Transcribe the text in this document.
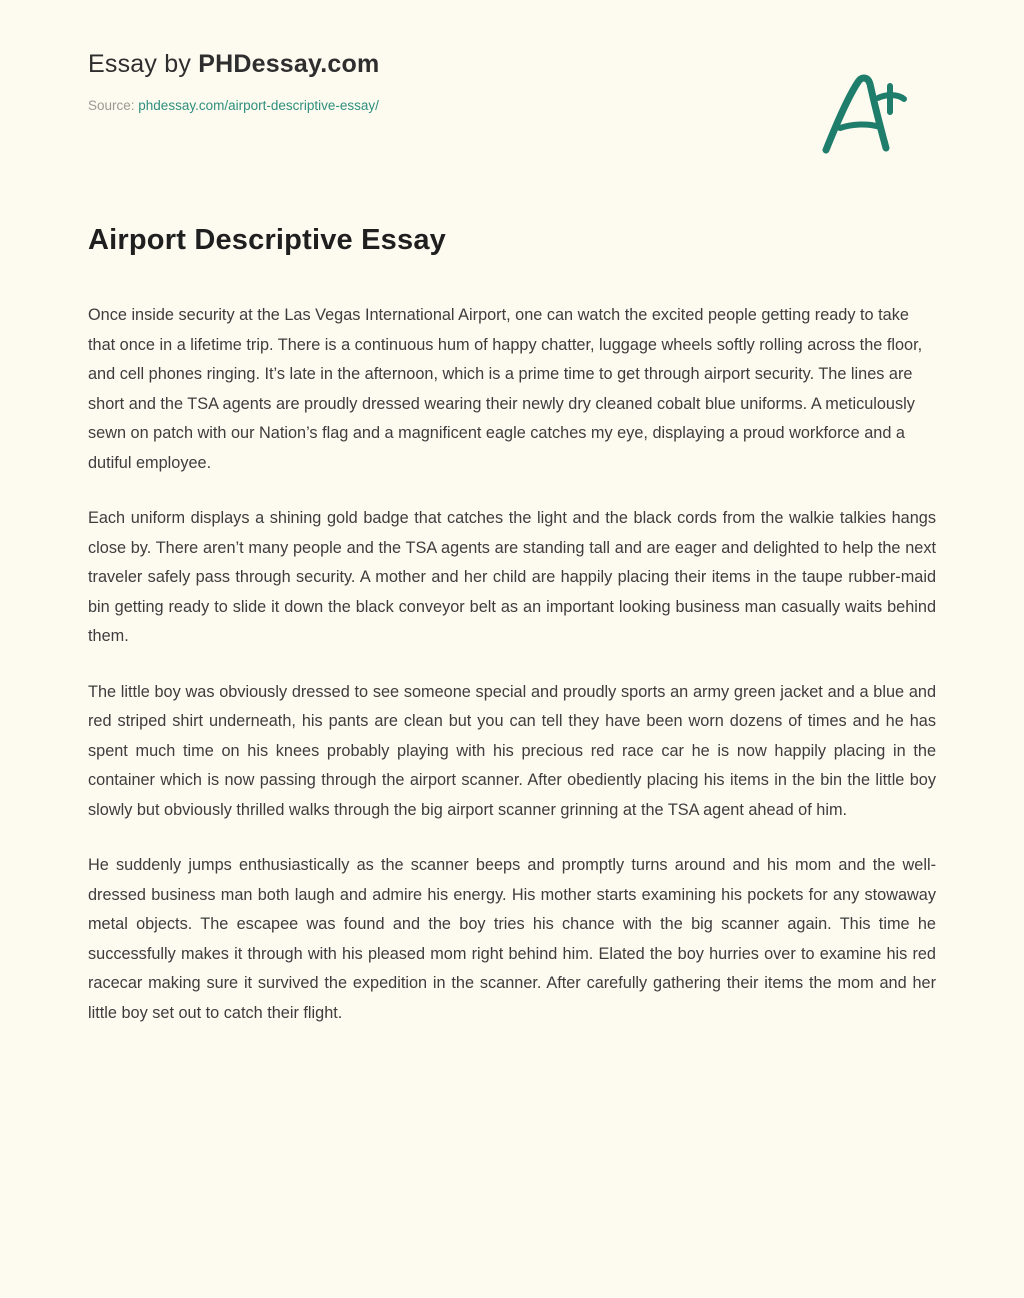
Essay by PHDessay.com
Source: phdessay.com/airport-descriptive-essay/
Airport Descriptive Essay

Once inside security at the Las Vegas International Airport, one can watch the excited people getting ready to take that once in a lifetime trip. There is a continuous hum of happy chatter, luggage wheels softly rolling across the floor, and cell phones ringing. It’s late in the afternoon, which is a prime time to get through airport security. The lines are short and the TSA agents are proudly dressed wearing their newly dry cleaned cobalt blue uniforms. A meticulously sewn on patch with our Nation’s flag and a magnificent eagle catches my eye, displaying a proud workforce and a dutiful employee.

Each uniform displays a shining gold badge that catches the light and the black cords from the walkie talkies hangs close by. There aren’t many people and the TSA agents are standing tall and are eager and delighted to help the next traveler safely pass through security. A mother and her child are happily placing their items in the taupe rubber-maid bin getting ready to slide it down the black conveyor belt as an important looking business man casually waits behind them.

The little boy was obviously dressed to see someone special and proudly sports an army green jacket and a blue and red striped shirt underneath, his pants are clean but you can tell they have been worn dozens of times and he has spent much time on his knees probably playing with his precious red race car he is now happily placing in the container which is now passing through the airport scanner. After obediently placing his items in the bin the little boy slowly but obviously thrilled walks through the big airport scanner grinning at the TSA agent ahead of him.

He suddenly jumps enthusiastically as the scanner beeps and promptly turns around and his mom and the well-dressed business man both laugh and admire his energy. His mother starts examining his pockets for any stowaway metal objects. The escapee was found and the boy tries his chance with the big scanner again. This time he successfully makes it through with his pleased mom right behind him. Elated the boy hurries over to examine his red racecar making sure it survived the expedition in the scanner. After carefully gathering their items the mom and her little boy set out to catch their flight.
